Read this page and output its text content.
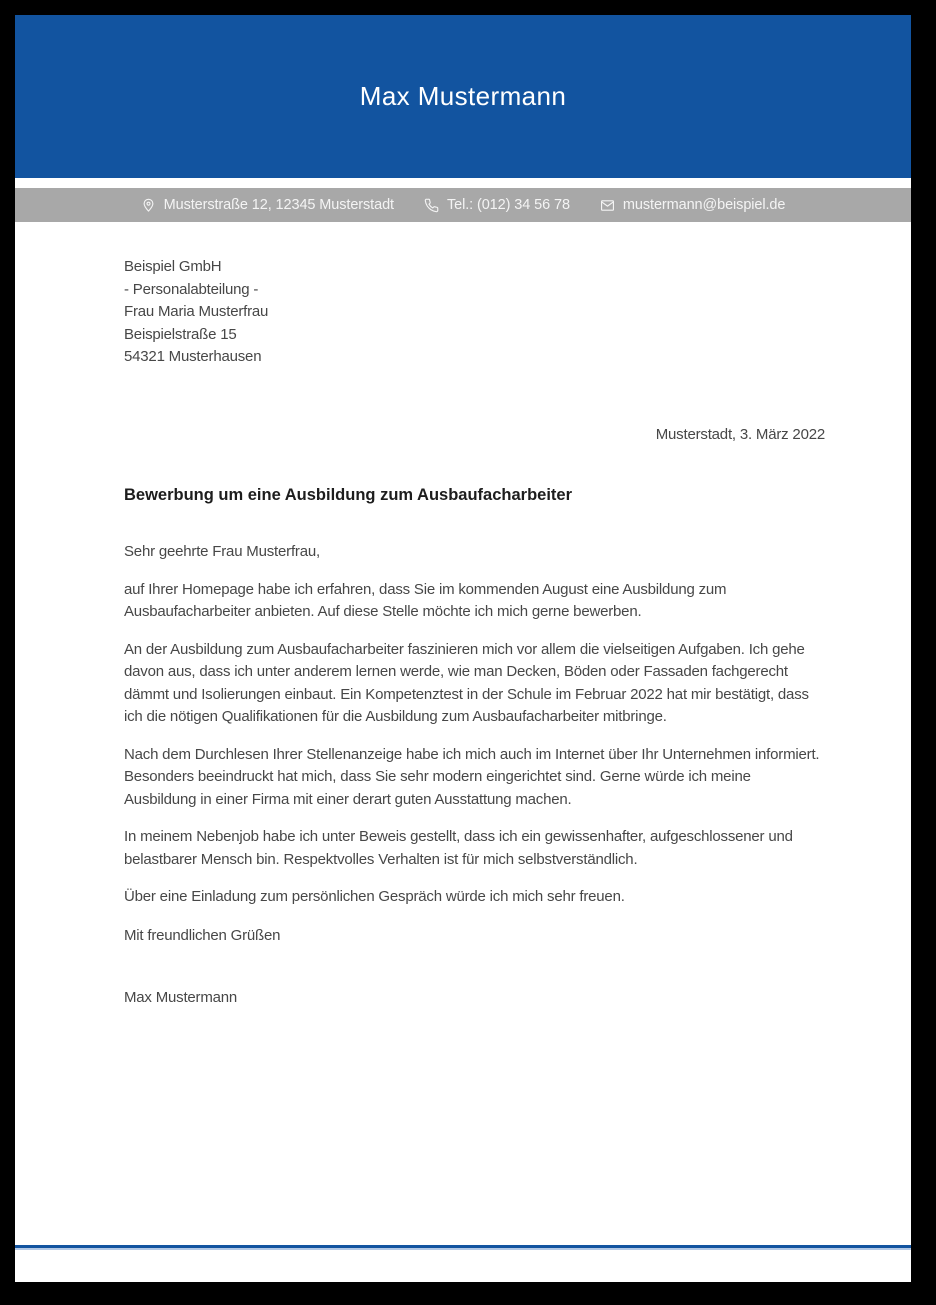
Max Mustermann
Musterstraße 12, 12345 Musterstadt	Tel.: (012) 34 56 78	mustermann@beispiel.de
Beispiel GmbH
- Personalabteilung -
Frau Maria Musterfrau
Beispielstraße 15
54321 Musterhausen
Musterstadt, 3. März 2022
Bewerbung um eine Ausbildung zum Ausbaufacharbeiter

Sehr geehrte Frau Musterfrau,

auf Ihrer Homepage habe ich erfahren, dass Sie im kommenden August eine Ausbildung zum Ausbaufacharbeiter anbieten. Auf diese Stelle möchte ich mich gerne bewerben.

An der Ausbildung zum Ausbaufacharbeiter faszinieren mich vor allem die vielseitigen Aufgaben. Ich gehe davon aus, dass ich unter anderem lernen werde, wie man Decken, Böden oder Fassaden fachgerecht dämmt und Isolierungen einbaut. Ein Kompetenztest in der Schule im Februar 2022 hat mir bestätigt, dass ich die nötigen Qualifikationen für die Ausbildung zum Ausbaufacharbeiter mitbringe.

Nach dem Durchlesen Ihrer Stellenanzeige habe ich mich auch im Internet über Ihr Unternehmen informiert. Besonders beeindruckt hat mich, dass Sie sehr modern eingerichtet sind. Gerne würde ich meine Ausbildung in einer Firma mit einer derart guten Ausstattung machen.

In meinem Nebenjob habe ich unter Beweis gestellt, dass ich ein gewissenhafter, aufgeschlossener und belastbarer Mensch bin. Respektvolles Verhalten ist für mich selbstverständlich.

Über eine Einladung zum persönlichen Gespräch würde ich mich sehr freuen.

Mit freundlichen Grüßen

Max Mustermann
